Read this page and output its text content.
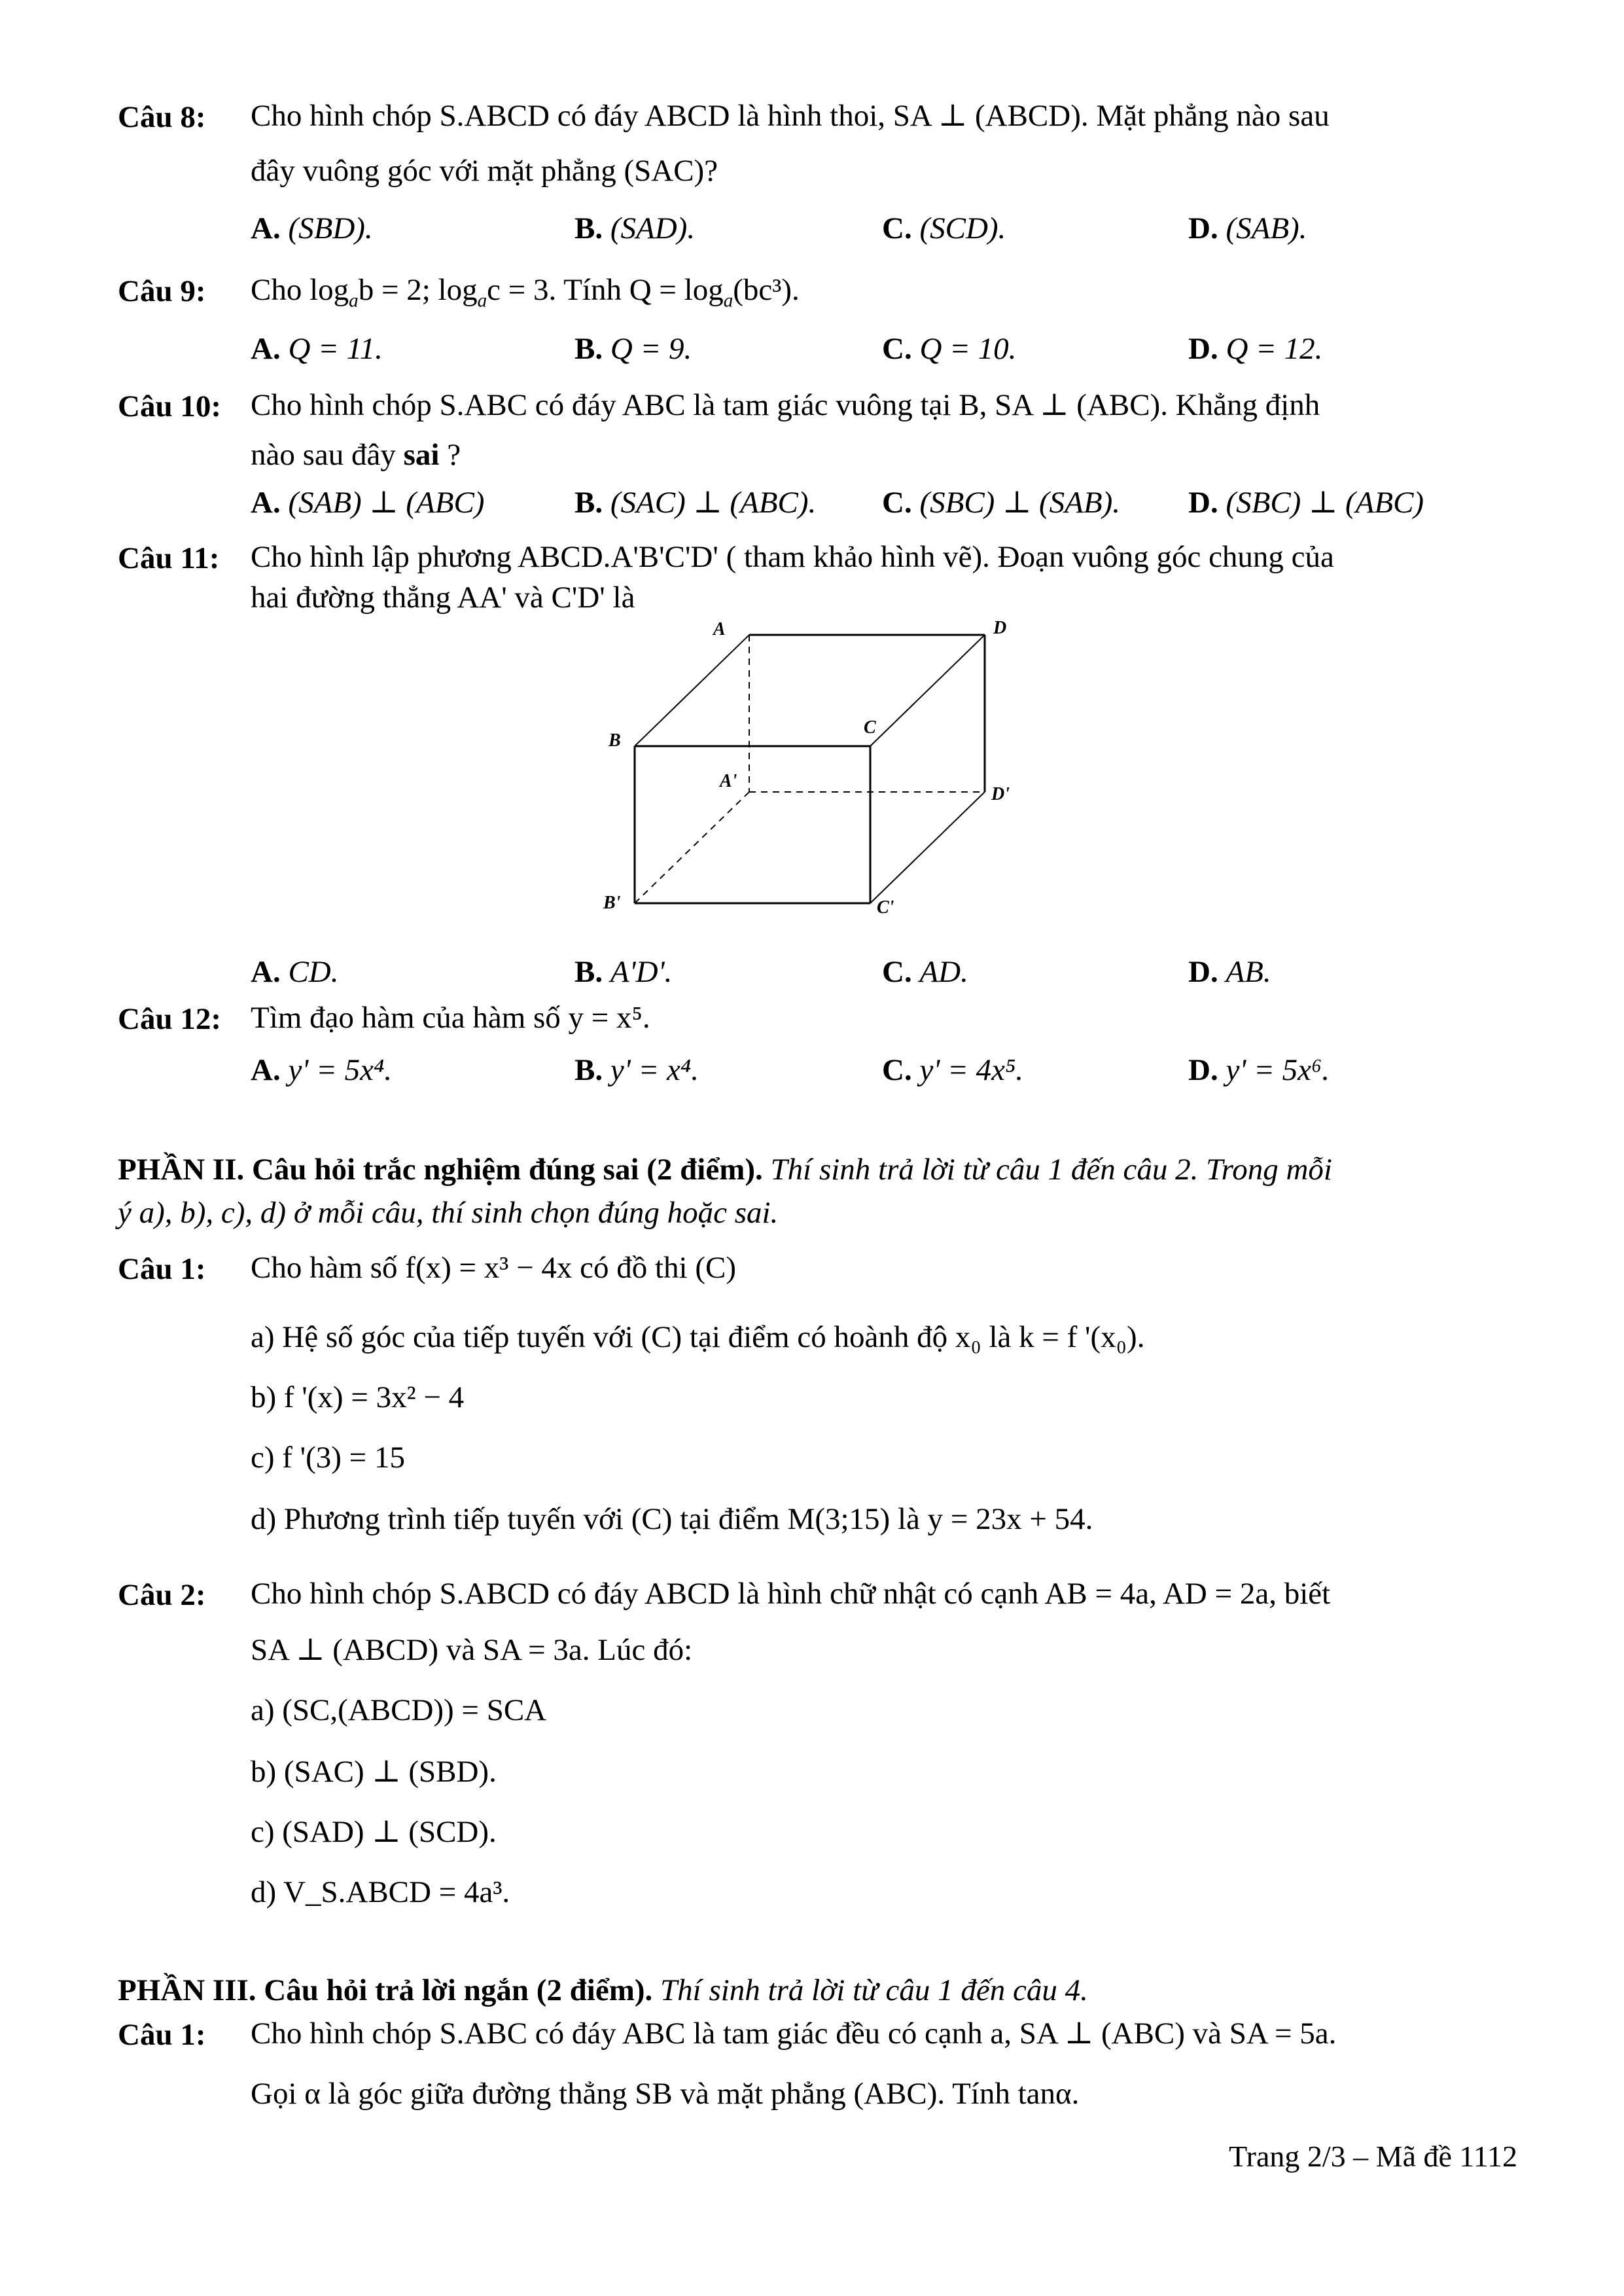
Câu 8: Cho hình chóp S.ABCD có đáy ABCD là hình thoi, SA ⊥ (ABCD). Mặt phẳng nào sau
đây vuông góc với mặt phẳng (SAC)?
A. (SBD).	B. (SAD).	C. (SCD).	D. (SAB).
Câu 9: Cho $\log_ab = 2$; $\log_ac = 3$. Tính $Q = \log_a(bc^3)$.
A. Q = 11.	B. Q = 9.	C. Q = 10.	D. Q = 12.
Câu 10: Cho hình chóp S.ABC có đáy ABC là tam giác vuông tại B, SA ⊥ (ABC). Khẳng định
nào sau đây sai ?
A. (SAB) ⊥ (ABC)	B. (SAC) ⊥ (ABC). C. (SBC) ⊥ (SAB). D. (SBC) ⊥ (ABC)
Câu 11: Cho hình lập phương ABCD.A'B'C'D' ( tham khảo hình vẽ). Đoạn vuông góc chung của
hai đường thẳng AA' và C'D' là
A	D
B
C
A'
D'
B'	C'
A. CD.	B. A'D'.	C. AD.	D. AB.
Câu 12: Tìm đạo hàm của hàm số y = x⁵.
A. y' = 5x⁴.	B. y' = x⁴.	C. y' = 4x⁵.	D. y' = 5x⁶.
PHẦN II. Câu hỏi trắc nghiệm đúng sai (2 điểm). Thí sinh trả lời từ câu 1 đến câu 2. Trong mỗi
ý a), b), c), d) ở mỗi câu, thí sinh chọn đúng hoặc sai.
Câu 1: Cho hàm số f(x) = x³ − 4x có đồ thi (C)
a) Hệ số góc của tiếp tuyến với (C) tại điểm có hoành độ x₀ là k = f '(x₀).
b) f '(x) = 3x² − 4
c) f '(3) = 15
d) Phương trình tiếp tuyến với (C) tại điểm M(3;15) là y = 23x + 54.
Câu 2: Cho hình chóp S.ABCD có đáy ABCD là hình chữ nhật có cạnh AB = 4a, AD = 2a, biết
SA ⊥ (ABCD) và SA = 3a. Lúc đó:
a) (SC,(ABCD)) = SCA
b) (SAC) ⊥ (SBD).
c) (SAD) ⊥ (SCD).
d) V_S.ABCD = 4a³.
PHẦN III. Câu hỏi trả lời ngắn (2 điểm). Thí sinh trả lời từ câu 1 đến câu 4.
Câu 1: Cho hình chóp S.ABC có đáy ABC là tam giác đều có cạnh a, SA ⊥ (ABC) và SA = 5a.
Gọi α là góc giữa đường thẳng SB và mặt phẳng (ABC). Tính tanα.
Trang 2/3 – Mã đề 1112
